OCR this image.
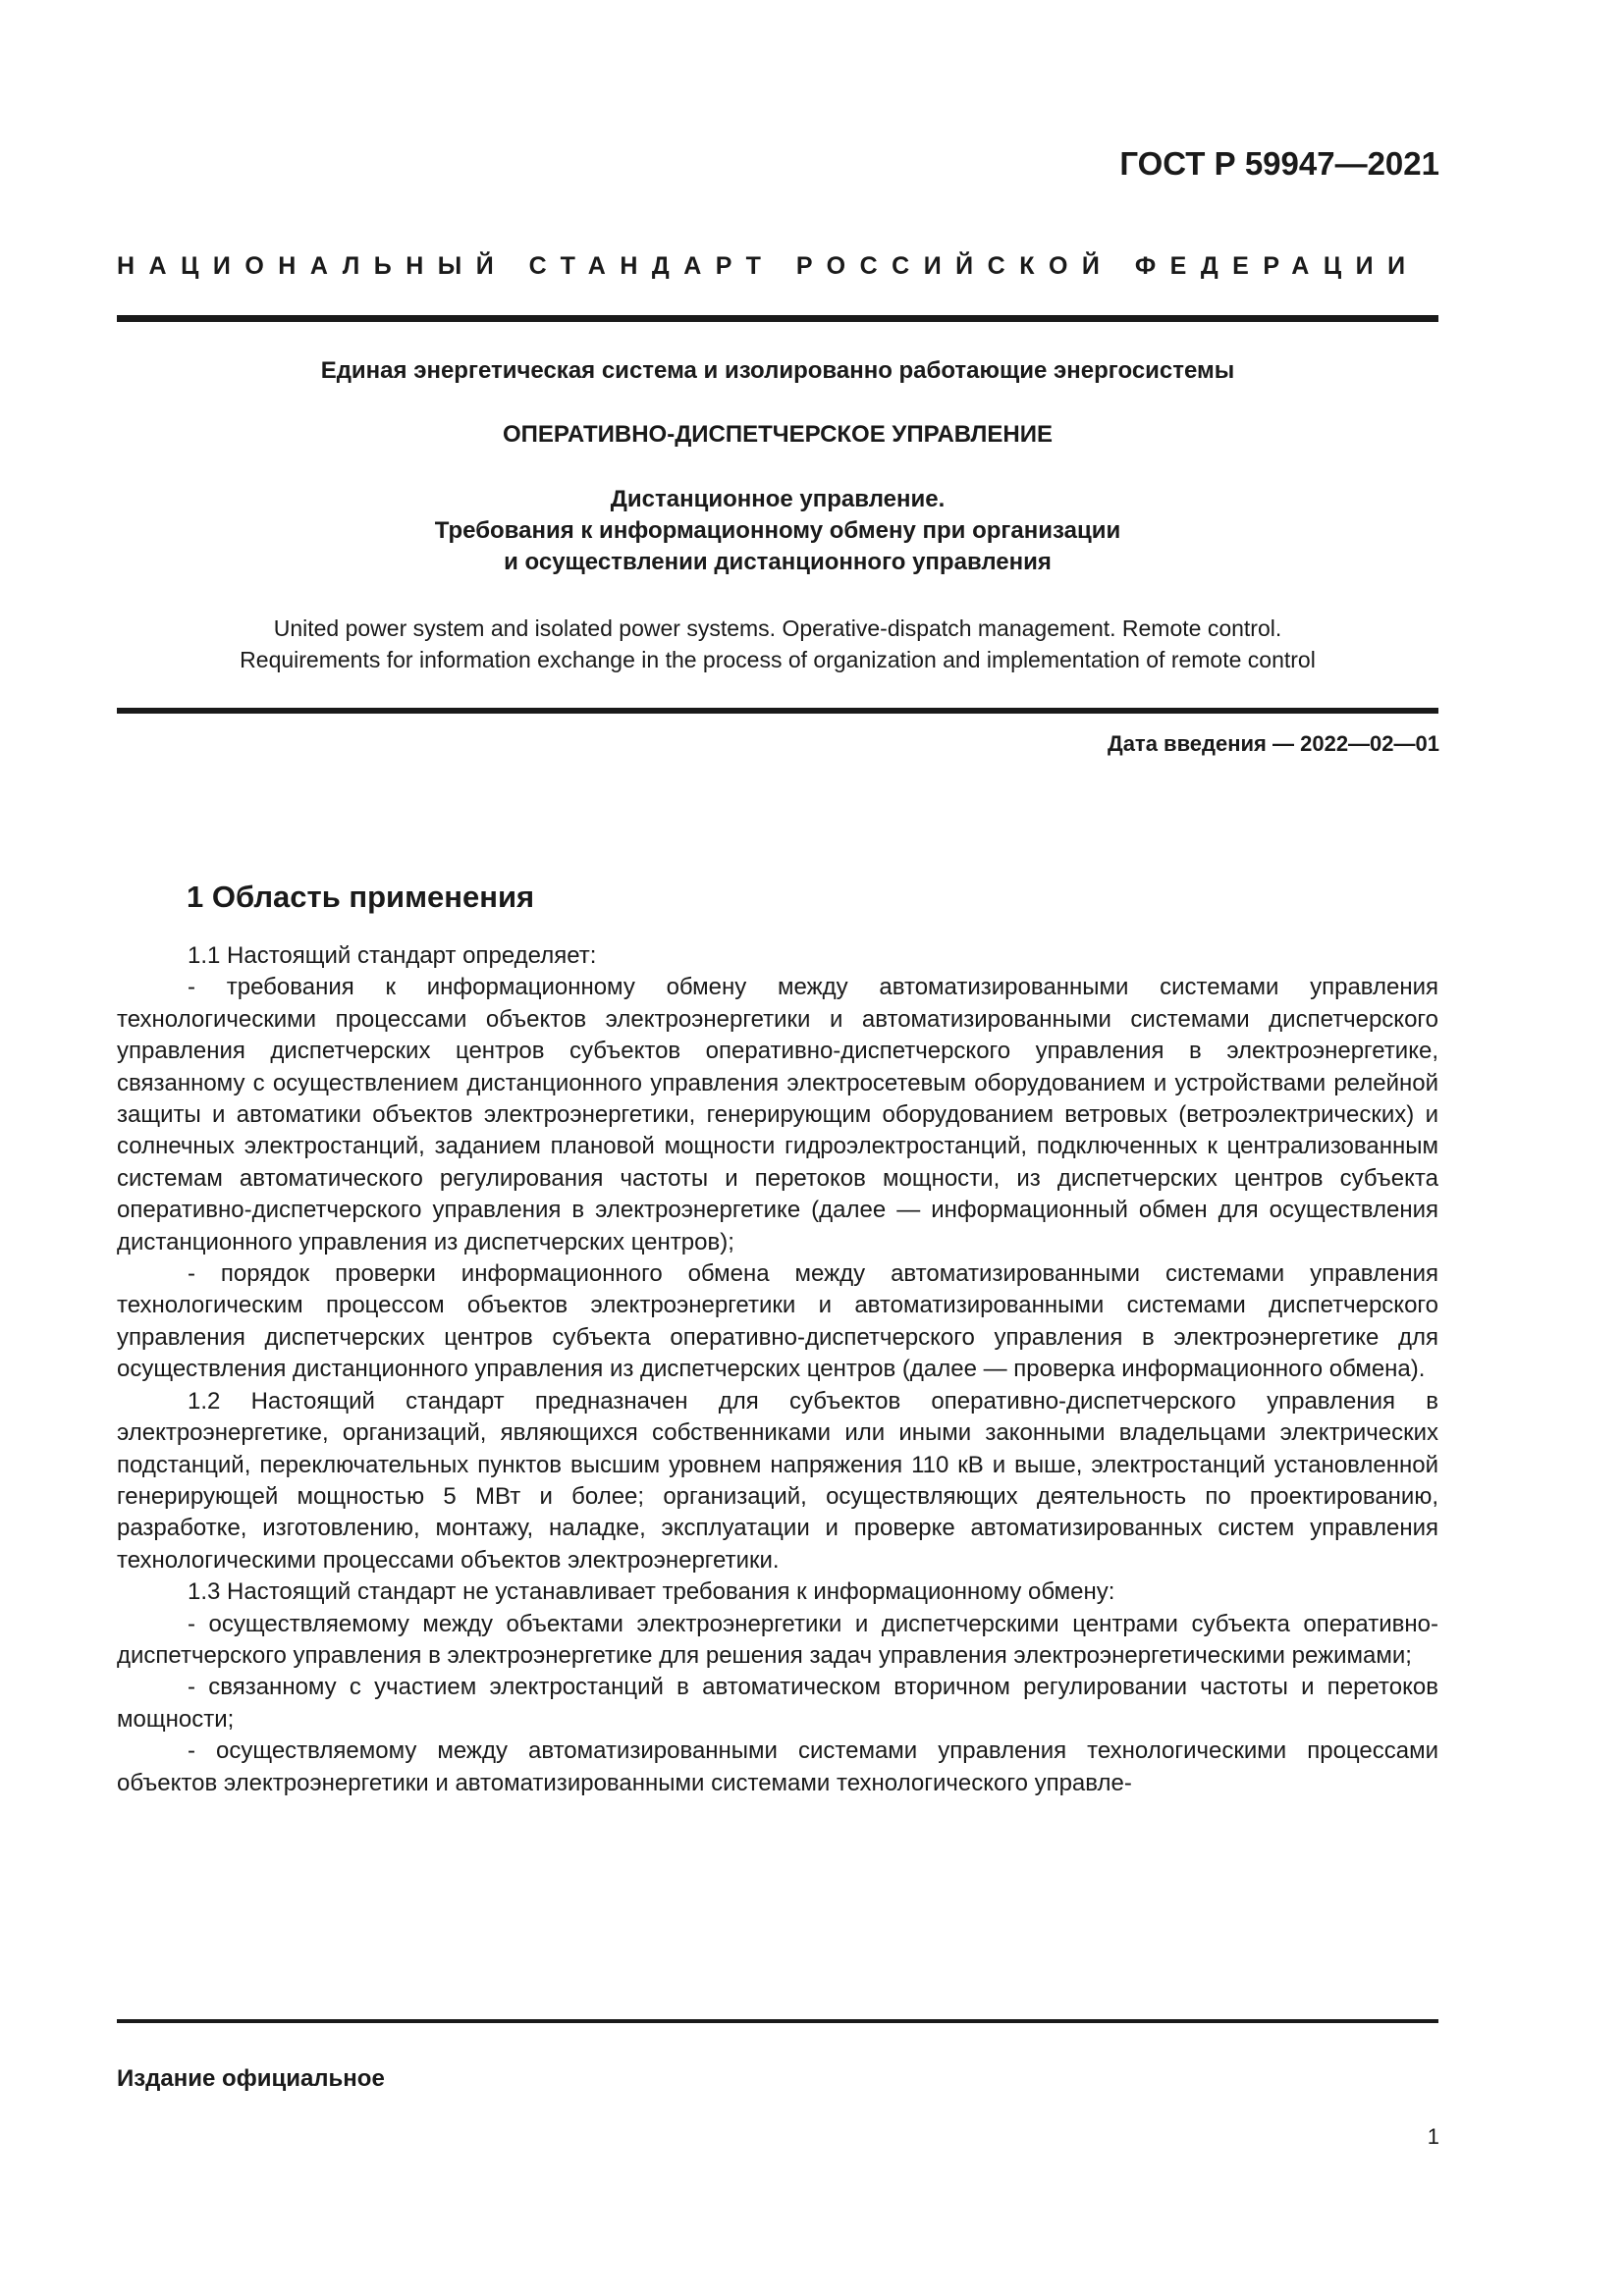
ГОСТ Р 59947—2021
НАЦИОНАЛЬНЫЙ СТАНДАРТ РОССИЙСКОЙ ФЕДЕРАЦИИ
Единая энергетическая система и изолированно работающие энергосистемы
ОПЕРАТИВНО-ДИСПЕТЧЕРСКОЕ УПРАВЛЕНИЕ
Дистанционное управление.
Требования к информационному обмену при организации
и осуществлении дистанционного управления
United power system and isolated power systems. Operative-dispatch management. Remote control.
Requirements for information exchange in the process of organization and implementation of remote control
Дата введения — 2022—02—01
1 Область применения

1.1 Настоящий стандарт определяет:

- требования к информационному обмену между автоматизированными системами управления технологическими процессами объектов электроэнергетики и автоматизированными системами диспетчерского управления диспетчерских центров субъектов оперативно-диспетчерского управления в электроэнергетике, связанному с осуществлением дистанционного управления электросетевым оборудованием и устройствами релейной защиты и автоматики объектов электроэнергетики, генерирующим оборудованием ветровых (ветроэлектрических) и солнечных электростанций, заданием плановой мощности гидроэлектростанций, подключенных к централизованным системам автоматического регулирования частоты и перетоков мощности, из диспетчерских центров субъекта оперативно-диспетчерского управления в электроэнергетике (далее — информационный обмен для осуществления дистанционного управления из диспетчерских центров);

- порядок проверки информационного обмена между автоматизированными системами управления технологическим процессом объектов электроэнергетики и автоматизированными системами диспетчерского управления диспетчерских центров субъекта оперативно-диспетчерского управления в электроэнергетике для осуществления дистанционного управления из диспетчерских центров (далее — проверка информационного обмена).

1.2 Настоящий стандарт предназначен для субъектов оперативно-диспетчерского управления в электроэнергетике, организаций, являющихся собственниками или иными законными владельцами электрических подстанций, переключательных пунктов высшим уровнем напряжения 110 кВ и выше, электростанций установленной генерирующей мощностью 5 МВт и более; организаций, осуществляющих деятельность по проектированию, разработке, изготовлению, монтажу, наладке, эксплуатации и проверке автоматизированных систем управления технологическими процессами объектов электроэнергетики.

1.3 Настоящий стандарт не устанавливает требования к информационному обмену:

- осуществляемому между объектами электроэнергетики и диспетчерскими центрами субъекта оперативно-диспетчерского управления в электроэнергетике для решения задач управления электроэнергетическими режимами;

- связанному с участием электростанций в автоматическом вторичном регулировании частоты и перетоков мощности;

- осуществляемому между автоматизированными системами управления технологическими процессами объектов электроэнергетики и автоматизированными системами технологического управле-

Издание официальное
1
